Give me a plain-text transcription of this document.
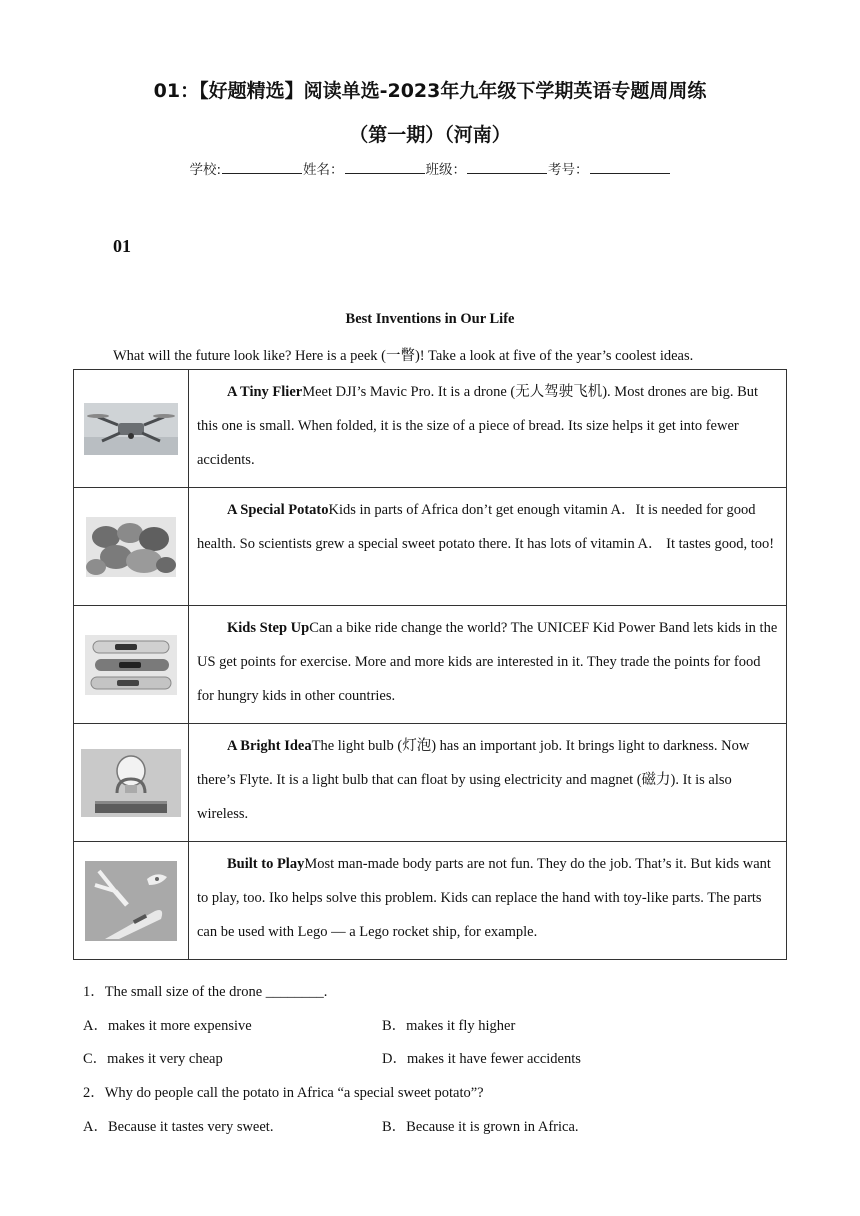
01：【好题精选】阅读单选-2023年九年级下学期英语专题周周练
（第一期）（河南）
学校:	姓名：	班级：	考号：
01
Best Inventions in Our Life
What will the future look like? Here is a peek (一瞥)! Take a look at five of the year’s coolest ideas.
	A Tiny FlierMeet DJI’s Mavic Pro. It is a drone (无人驾驶飞机). Most drones are big. But this one is small. When folded, it is the size of a piece of bread. Its size helps it get into fewer accidents.

	A Special PotatoKids in parts of Africa don’t get enough vitamin A．It is needed for good health. So scientists grew a special sweet potato there. It has lots of vitamin A． It tastes good, too!

	Kids Step UpCan a bike ride change the world? The UNICEF Kid Power Band lets kids in the US get points for exercise. More and more kids are interested in it. They trade the points for food for hungry kids in other countries.

	A Bright IdeaThe light bulb (灯泡) has an important job. It brings light to darkness. Now there’s Flyte. It is a light bulb that can float by using electricity and magnet (磁力). It is also wireless.

	Built to PlayMost man-made body parts are not fun. They do the job. That’s it. But kids want to play, too. Iko helps solve this problem. Kids can replace the hand with toy-like parts. The parts can be used with Lego — a Lego rocket ship, for example.
1．The small size of the drone ________.
A．makes it more expensive	B．makes it fly higher
C．makes it very cheap	D．makes it have fewer accidents
2．Why do people call the potato in Africa “a special sweet potato”?
A．Because it tastes very sweet.	B．Because it is grown in Africa.
